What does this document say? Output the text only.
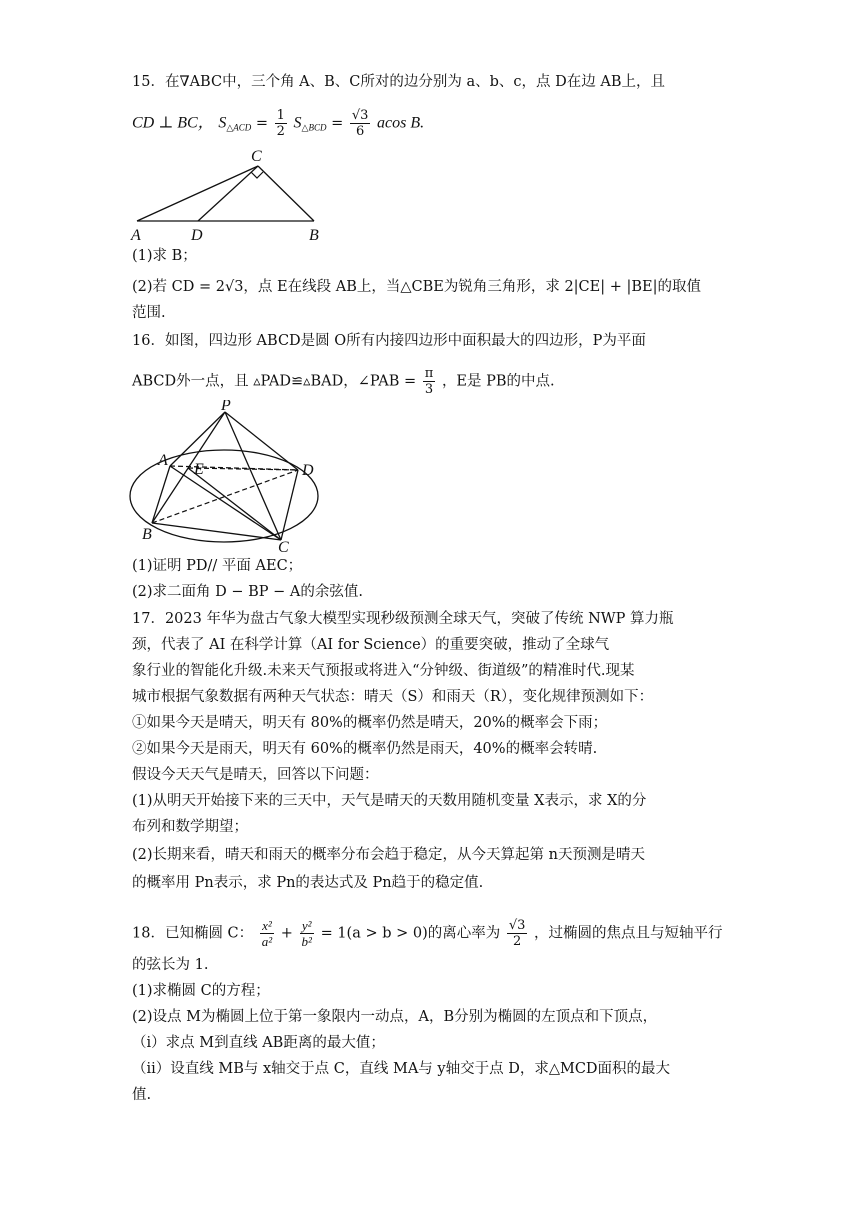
15．在∇ABC中，三个角 A、B、C所对的边分别为 a、b、c，点 D在边 AB上，且
CD ⊥ BC， $S_{\triangle ACD} = \frac{1}{2} S_{\triangle BCD} = \frac{√3}{6}$ acos B.
C
A	D	B
(1)求 B；
(2)若 CD = 2√3，点 E在线段 AB上，当△CBE为锐角三角形，求 2|CE| + |BE|的取值
范围.
16．如图，四边形 ABCD是圆 O所有内接四边形中面积最大的四边形，P为平面
ABCD外一点，且 ▵PAD≌▵BAD，∠PAB = $\frac{\pi}{3}$ ，E是 PB的中点.
P
A
E	D
B
C
(1)证明 PD// 平面 AEC；
(2)求二面角 D − BP − A的余弦值.
17．2023 年华为盘古气象大模型实现秒级预测全球天气，突破了传统 NWP 算力瓶
颈，代表了 AI 在科学计算（AI for Science）的重要突破，推动了全球气
象行业的智能化升级.未来天气预报或将进入“分钟级、街道级”的精准时代.现某
城市根据气象数据有两种天气状态：晴天（S）和雨天（R），变化规律预测如下：
①如果今天是晴天，明天有 80%的概率仍然是晴天，20%的概率会下雨；
②如果今天是雨天，明天有 60%的概率仍然是雨天，40%的概率会转晴.
假设今天天气是晴天，回答以下问题：
(1)从明天开始接下来的三天中，天气是晴天的天数用随机变量 X表示，求 X的分
布列和数学期望；
(2)长期来看，晴天和雨天的概率分布会趋于稳定，从今天算起第 n天预测是晴天
的概率用 Pn表示，求 Pn的表达式及 Pn趋于的稳定值.
18．已知椭圆 C： $\frac{\text{x²}}{\text{a²}} + \frac{\text{y²}}{\text{b²}} = 1(a > b > 0)$的离心率为 $\frac{√3}{2}$ ，过椭圆的焦点且与短轴平行
的弦长为 1.
(1)求椭圆 C的方程；
(2)设点 M为椭圆上位于第一象限内一动点，A，B分别为椭圆的左顶点和下顶点，
（i）求点 M到直线 AB距离的最大值；
（ii）设直线 MB与 x轴交于点 C，直线 MA与 y轴交于点 D，求△MCD面积的最大
值.
